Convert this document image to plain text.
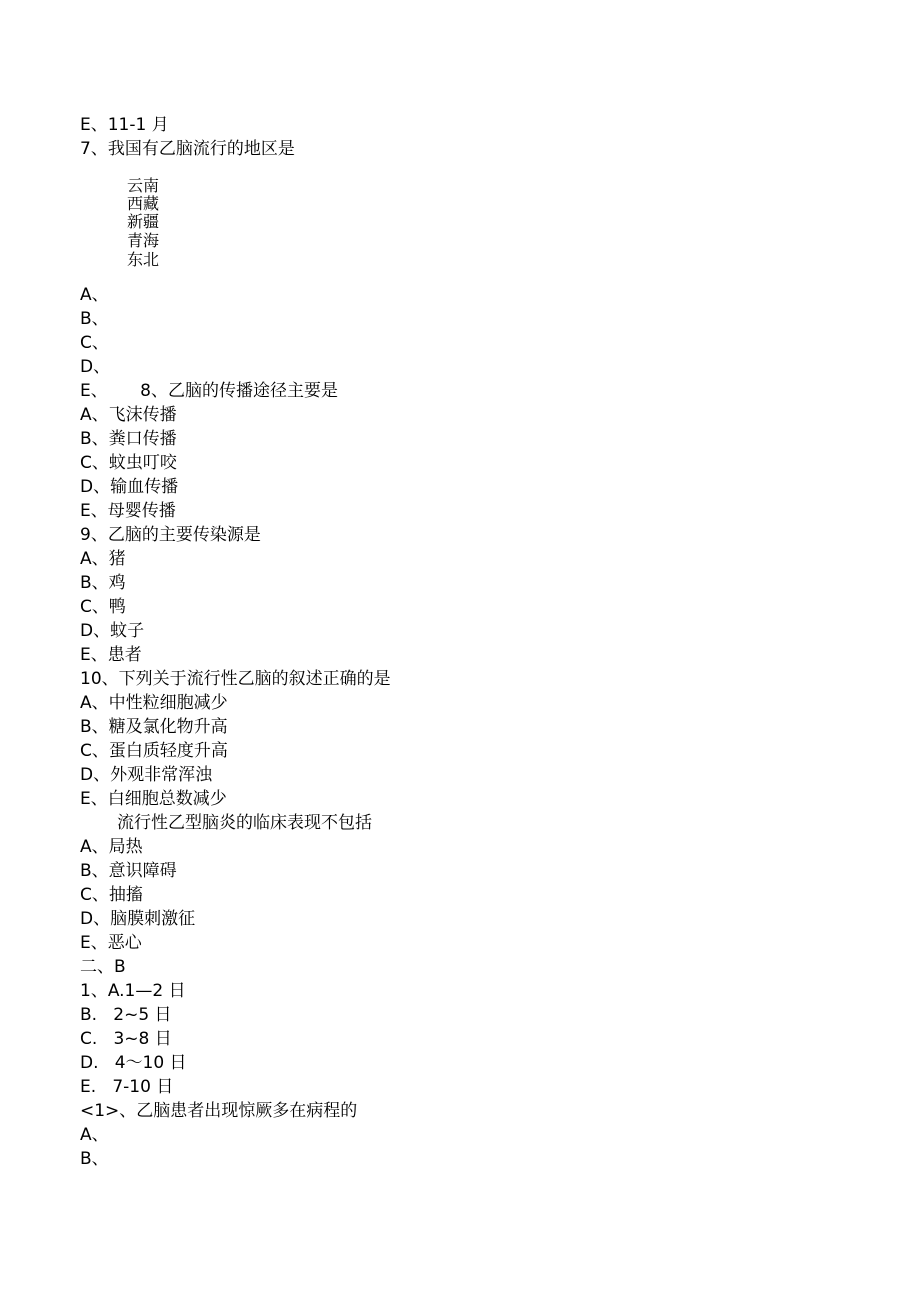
E、11-1 月
7、我国有乙脑流行的地区是
云南
西藏
新疆
青海
东北
A、
B、
C、
D、
E、      8、乙脑的传播途径主要是
A、飞沫传播
B、粪口传播
C、蚊虫叮咬
D、输血传播
E、母婴传播
9、乙脑的主要传染源是
A、猪
B、鸡
C、鸭
D、蚊子
E、患者
10、下列关于流行性乙脑的叙述正确的是
A、中性粒细胞减少
B、糖及氯化物升高
C、蛋白质轻度升高
D、外观非常浑浊
E、白细胞总数减少
流行性乙型脑炎的临床表现不包括
A、局热
B、意识障碍
C、抽搐
D、脑膜刺激征
E、恶心
二、B
1、A.1—2 日
B.   2~5 日
C.   3~8 日
D.   4～10 日
E.   7-10 日
<1>、乙脑患者出现惊厥多在病程的
A、
B、
